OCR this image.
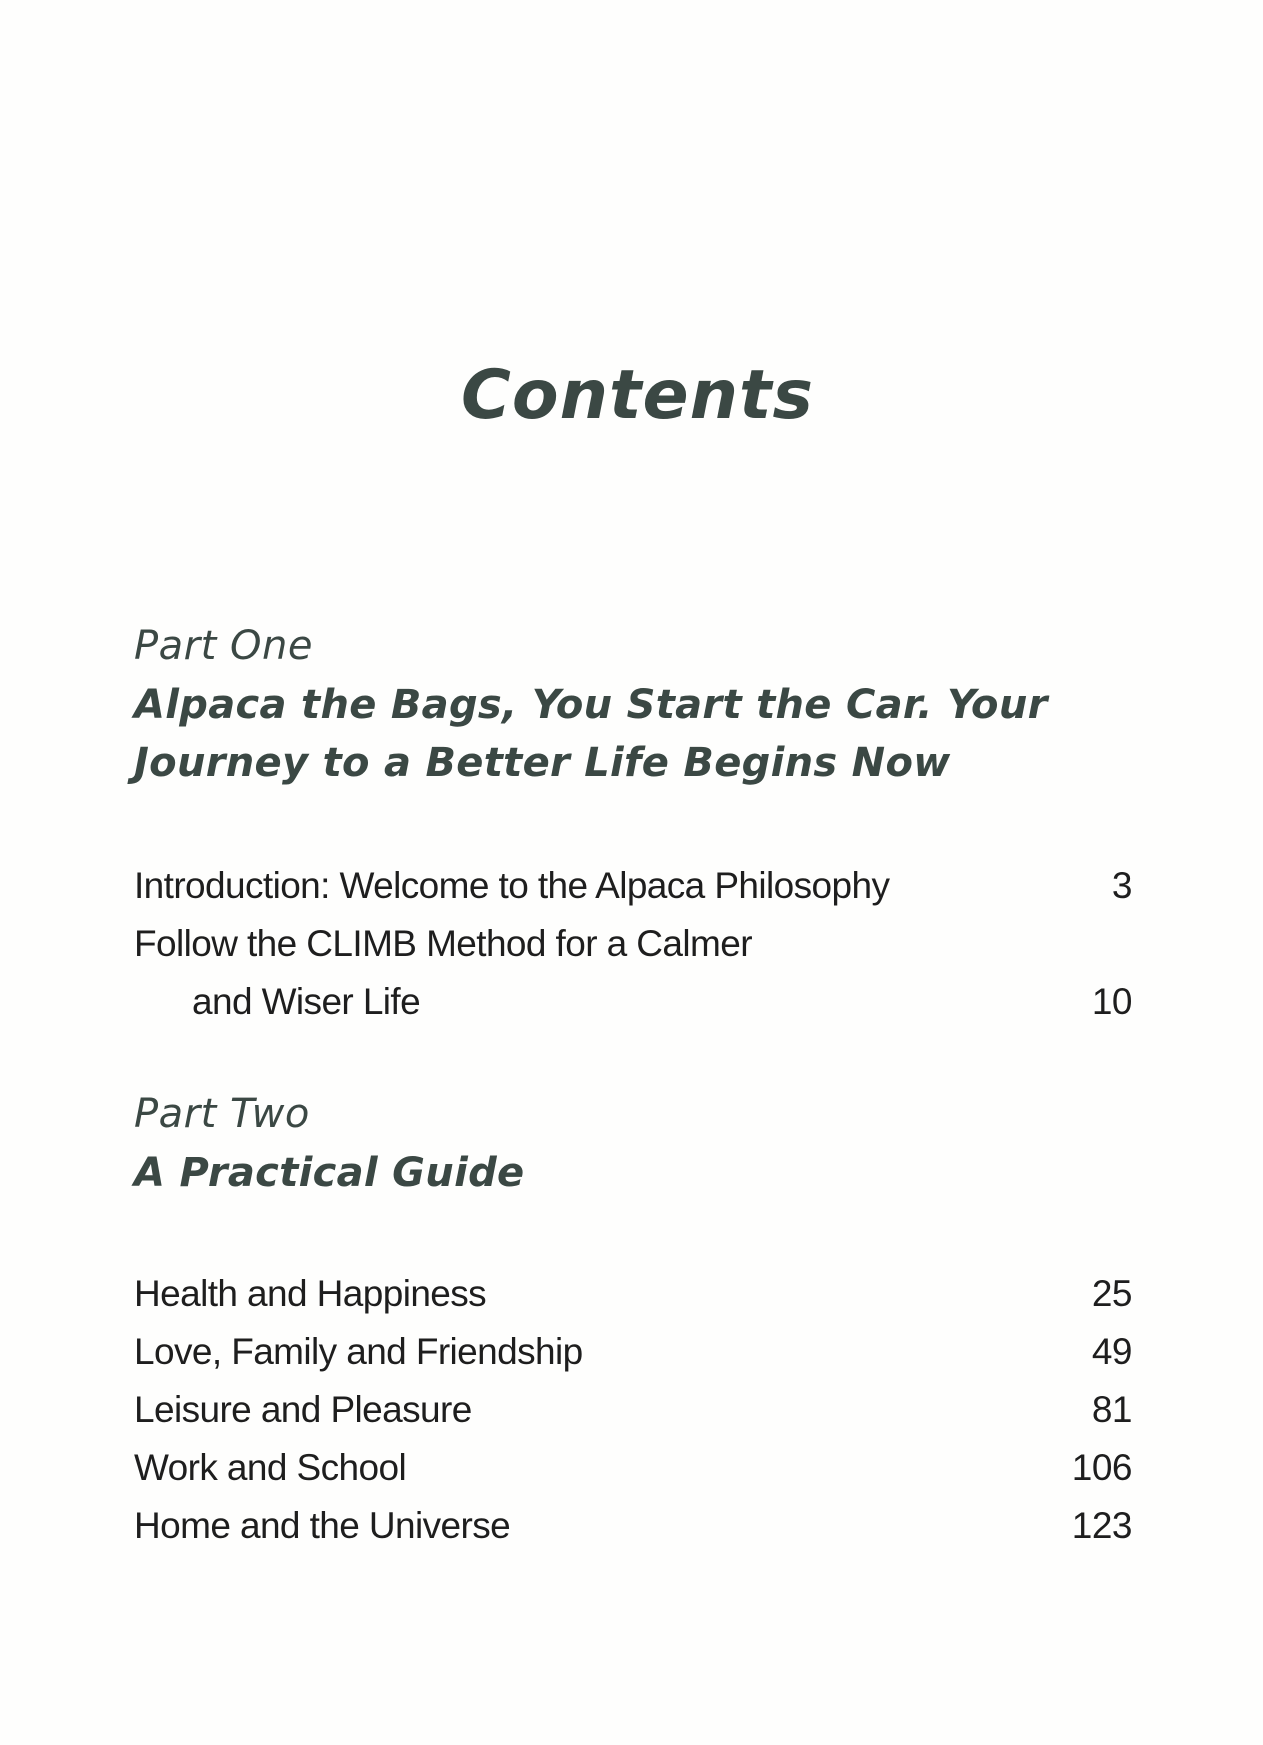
Contents
Part One
Alpaca the Bags, You Start the Car. Your
Journey to a Better Life Begins Now
Introduction: Welcome to the Alpaca Philosophy	3
Follow the CLIMB Method for a Calmer
and Wiser Life	10
Part Two
A Practical Guide
Health and Happiness	25
Love, Family and Friendship	49
Leisure and Pleasure	81
Work and School	106
Home and the Universe	123
